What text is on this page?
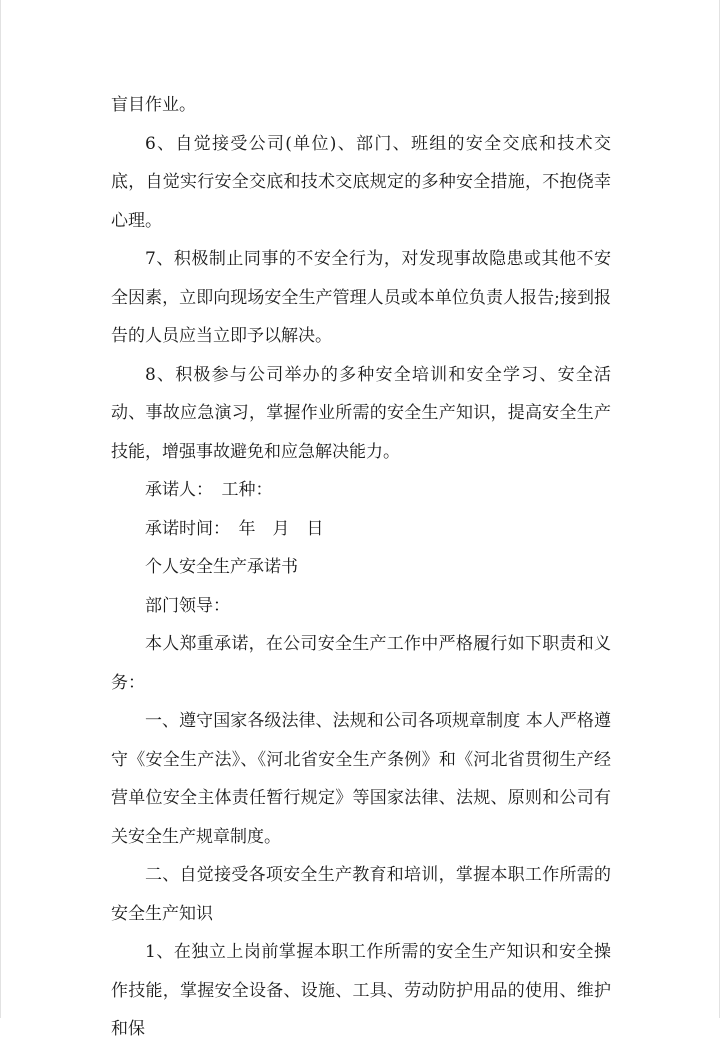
盲目作业。

6、自觉接受公司(单位)、部门、班组的安全交底和技术交底，自觉实行安全交底和技术交底规定的多种安全措施，不抱侥幸心理。

7、积极制止同事的不安全行为，对发现事故隐患或其他不安全因素，立即向现场安全生产管理人员或本单位负责人报告;接到报告的人员应当立即予以解决。

8、积极参与公司举办的多种安全培训和安全学习、安全活动、事故应急演习，掌握作业所需的安全生产知识，提高安全生产技能，增强事故避免和应急解决能力。

承诺人：　工种：

承诺时间：　年　月　日

个人安全生产承诺书

部门领导：

本人郑重承诺，在公司安全生产工作中严格履行如下职责和义务：

一、遵守国家各级法律、法规和公司各项规章制度 本人严格遵守《安全生产法》、《河北省安全生产条例》和《河北省贯彻生产经营单位安全主体责任暂行规定》等国家法律、法规、原则和公司有关安全生产规章制度。

二、自觉接受各项安全生产教育和培训，掌握本职工作所需的安全生产知识

1、在独立上岗前掌握本职工作所需的安全生产知识和安全操作技能，掌握安全设备、设施、工具、劳动防护用品的使用、维护和保
